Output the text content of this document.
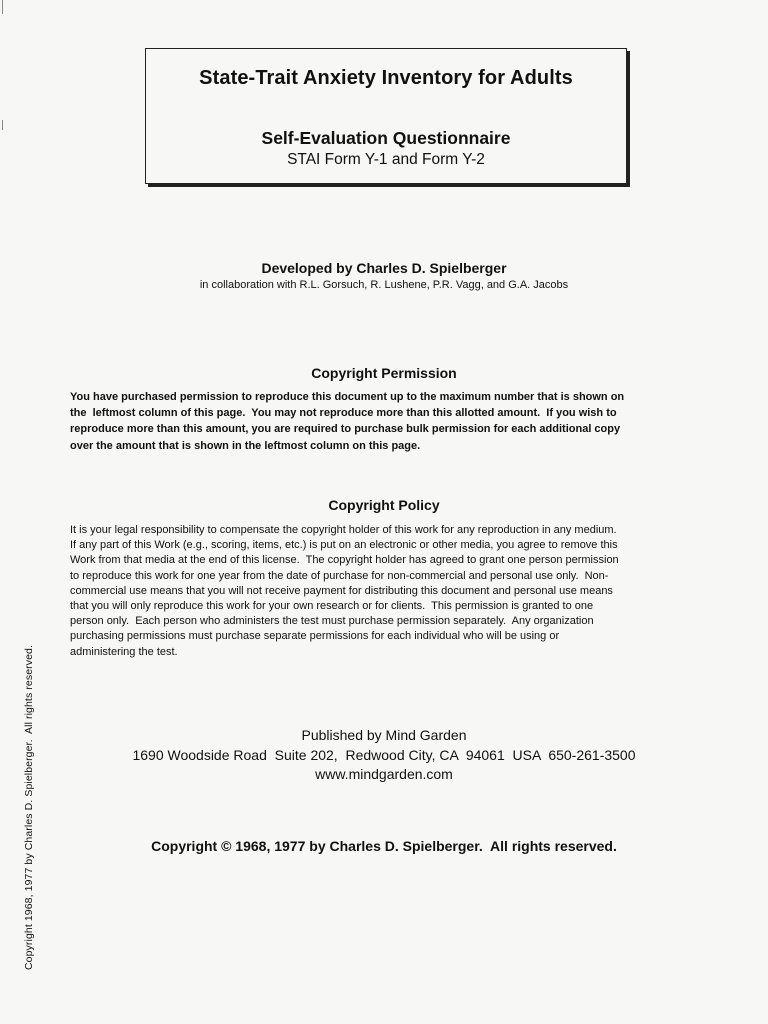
State-Trait Anxiety Inventory for Adults
Self-Evaluation Questionnaire
STAI Form Y-1 and Form Y-2
Developed by Charles D. Spielberger
in collaboration with R.L. Gorsuch, R. Lushene, P.R. Vagg, and G.A. Jacobs
Copyright Permission
You have purchased permission to reproduce this document up to the maximum number that is shown on
the  leftmost column of this page.  You may not reproduce more than this allotted amount.  If you wish to
reproduce more than this amount, you are required to purchase bulk permission for each additional copy
over the amount that is shown in the leftmost column on this page.
Copyright Policy
It is your legal responsibility to compensate the copyright holder of this work for any reproduction in any medium.
If any part of this Work (e.g., scoring, items, etc.) is put on an electronic or other media, you agree to remove this
Work from that media at the end of this license.  The copyright holder has agreed to grant one person permission
to reproduce this work for one year from the date of purchase for non-commercial and personal use only.  Non-
commercial use means that you will not receive payment for distributing this document and personal use means
that you will only reproduce this work for your own research or for clients.  This permission is granted to one
person only.  Each person who administers the test must purchase permission separately.  Any organization
purchasing permissions must purchase separate permissions for each individual who will be using or
administering the test.
Published by Mind Garden
1690 Woodside Road  Suite 202,  Redwood City, CA  94061  USA  650-261-3500
www.mindgarden.com
Copyright © 1968, 1977 by Charles D. Spielberger.  All rights reserved.
Copyright 1968, 1977 by Charles D. Spielberger.  All rights reserved.
